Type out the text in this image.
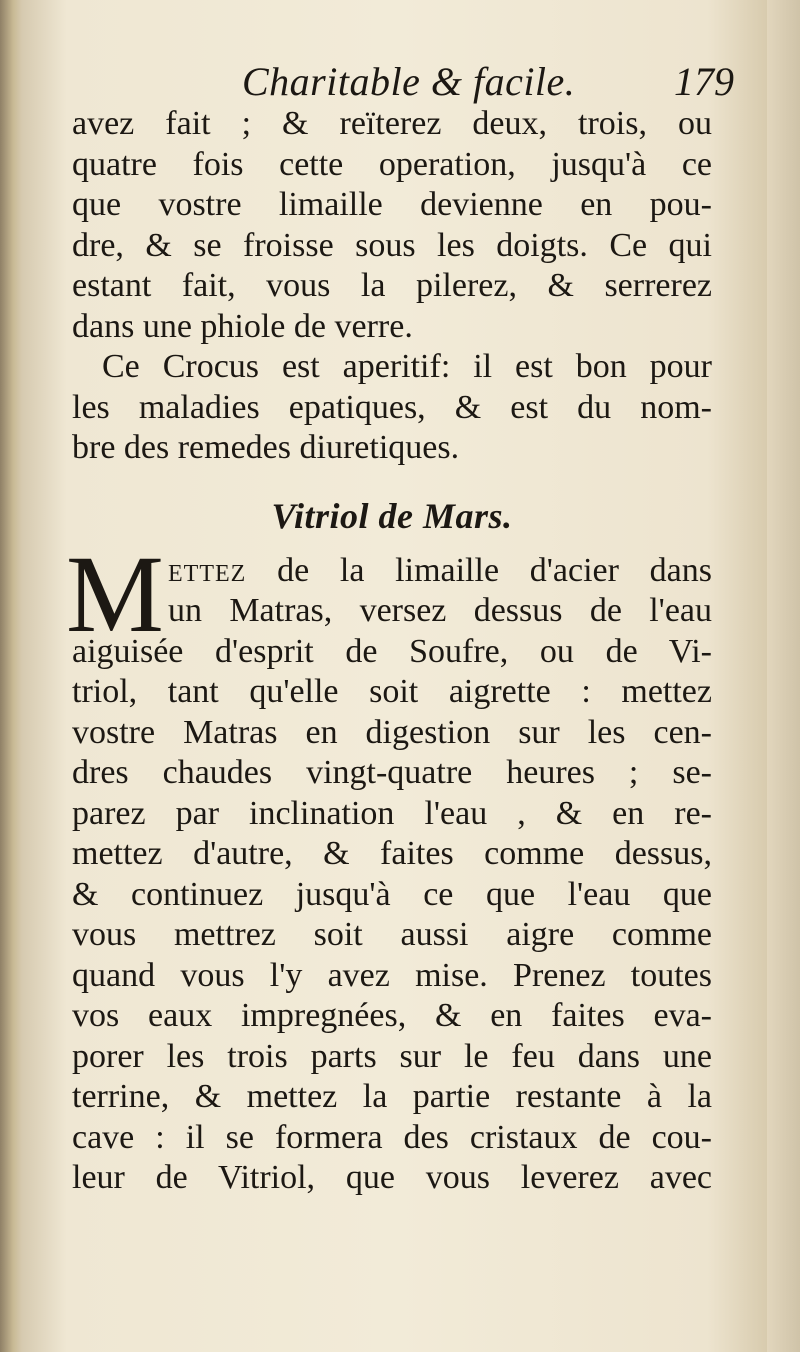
Charitable & facile. 179
avez fait ; & reïterez deux, trois, ou
quatre fois cette operation, jusqu'à ce
que vostre limaille devienne en pou-
dre, & se froisse sous les doigts. Ce qui
estant fait, vous la pilerez, & serrerez
dans une phiole de verre.
Ce Crocus est aperitif: il est bon pour
les maladies epatiques, & est du nom-
bre des remedes diuretiques.
Vitriol de Mars.
M ettez de la limaille d'acier dans
un Matras, versez dessus de l'eau
aiguisée d'esprit de Soufre, ou de Vi-
triol, tant qu'elle soit aigrette : mettez
vostre Matras en digestion sur les cen-
dres chaudes vingt-quatre heures ; se-
parez par inclination l'eau , & en re-
mettez d'autre, & faites comme dessus,
& continuez jusqu'à ce que l'eau que
vous mettrez soit aussi aigre comme
quand vous l'y avez mise. Prenez toutes
vos eaux impregnées, & en faites eva-
porer les trois parts sur le feu dans une
terrine, & mettez la partie restante à la
cave : il se formera des cristaux de cou-
leur de Vitriol, que vous leverez avec
